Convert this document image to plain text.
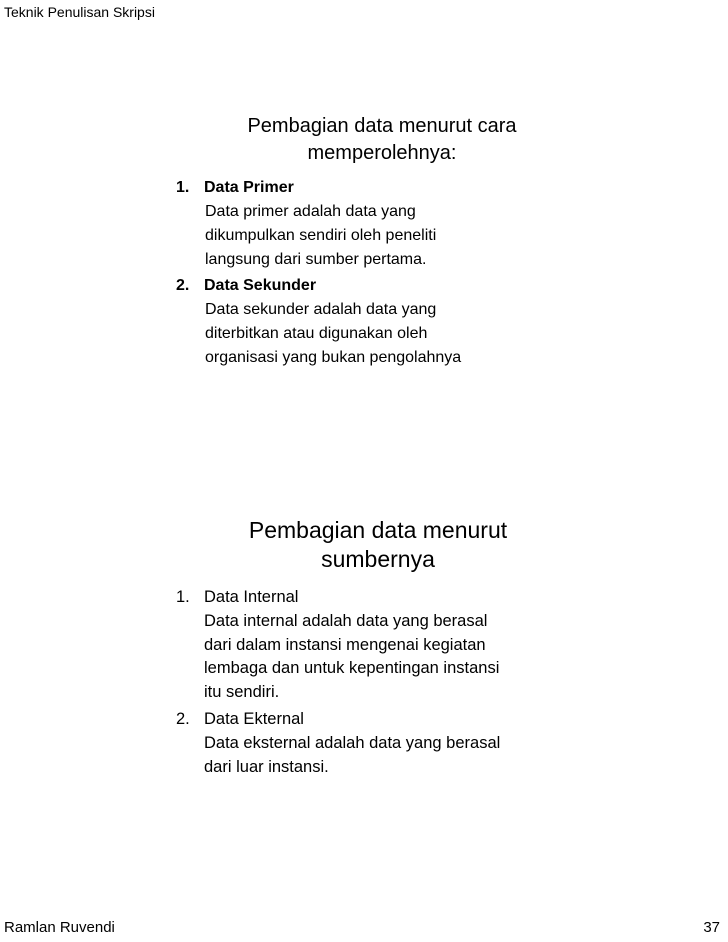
Teknik Penulisan Skripsi
Pembagian data menurut cara
memperolehnya:
1. Data Primer
Data primer adalah data yang
dikumpulkan sendiri oleh peneliti
langsung dari sumber pertama.
2. Data Sekunder
Data sekunder adalah data yang
diterbitkan atau digunakan oleh
organisasi yang bukan pengolahnya
Pembagian data menurut
sumbernya
1. Data Internal
Data internal adalah data yang berasal
dari dalam instansi mengenai kegiatan
lembaga dan untuk kepentingan instansi
itu sendiri.
2. Data Ekternal
Data eksternal adalah data yang berasal
dari luar instansi.
Ramlan Ruvendi	37
